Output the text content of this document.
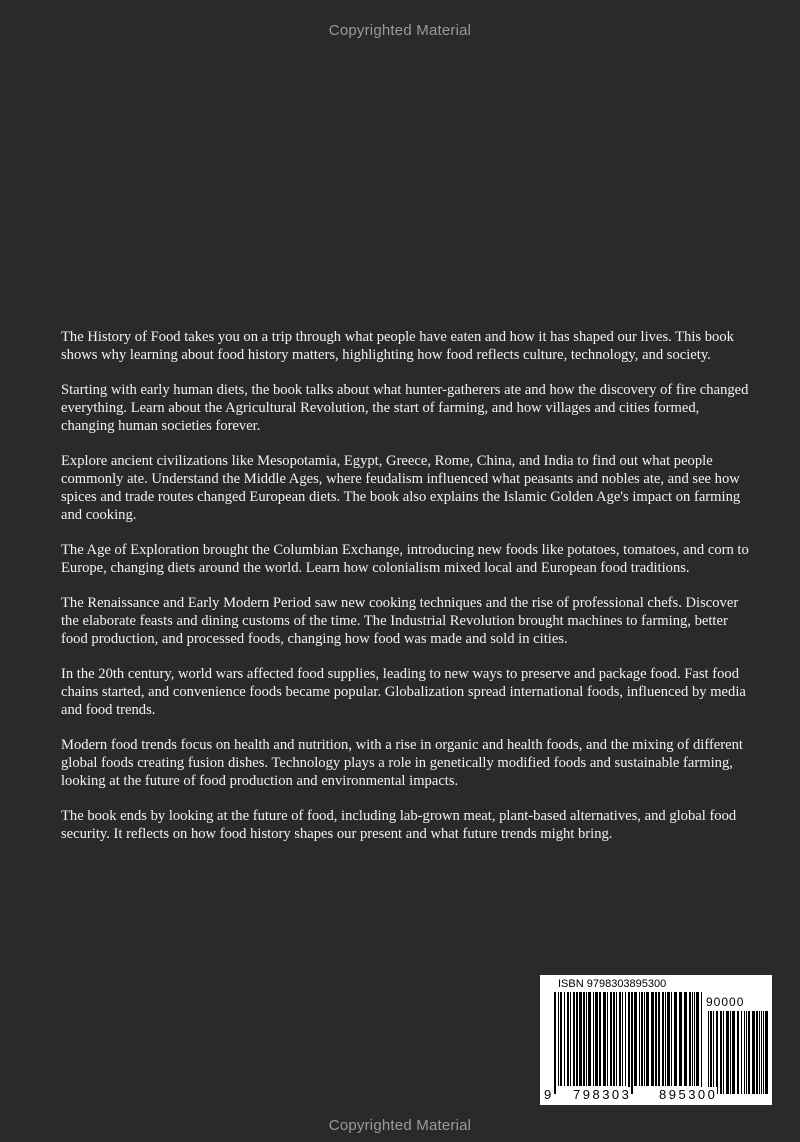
Copyrighted Material

The History of Food takes you on a trip through what people have eaten and how it has shaped our lives. This book shows why learning about food history matters, highlighting how food reflects culture, technology, and society.

Starting with early human diets, the book talks about what hunter-gatherers ate and how the discovery of fire changed everything. Learn about the Agricultural Revolution, the start of farming, and how villages and cities formed, changing human societies forever.

Explore ancient civilizations like Mesopotamia, Egypt, Greece, Rome, China, and India to find out what people commonly ate. Understand the Middle Ages, where feudalism influenced what peasants and nobles ate, and see how spices and trade routes changed European diets. The book also explains the Islamic Golden Age's impact on farming and cooking.

The Age of Exploration brought the Columbian Exchange, introducing new foods like potatoes, tomatoes, and corn to Europe, changing diets around the world. Learn how colonialism mixed local and European food traditions.

The Renaissance and Early Modern Period saw new cooking techniques and the rise of professional chefs. Discover the elaborate feasts and dining customs of the time. The Industrial Revolution brought machines to farming, better food production, and processed foods, changing how food was made and sold in cities.

In the 20th century, world wars affected food supplies, leading to new ways to preserve and package food. Fast food chains started, and convenience foods became popular. Globalization spread international foods, influenced by media and food trends.

Modern food trends focus on health and nutrition, with a rise in organic and health foods, and the mixing of different global foods creating fusion dishes. Technology plays a role in genetically modified foods and sustainable farming, looking at the future of food production and environmental impacts.

The book ends by looking at the future of food, including lab-grown meat, plant-based alternatives, and global food security. It reflects on how food history shapes our present and what future trends might bring.

ISBN 9798303895300
90000
9 798303 895300
Copyrighted Material
